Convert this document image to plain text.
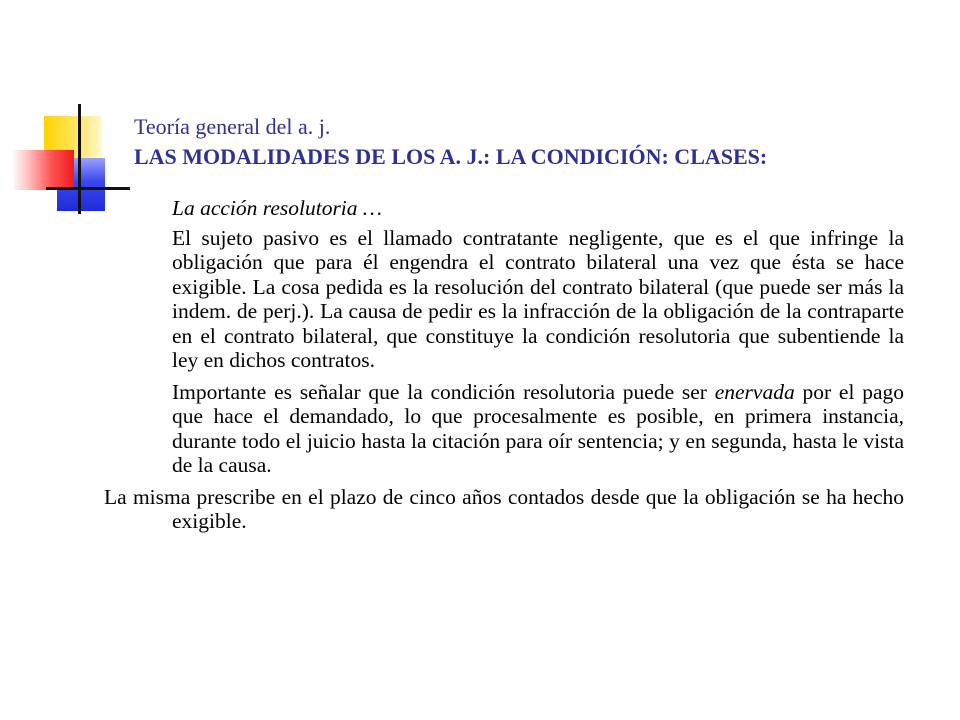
Teoría general del a. j.
LAS MODALIDADES DE LOS A. J.: LA CONDICIÓN: CLASES:

La acción resolutoria …

El sujeto pasivo es el llamado contratante negligente, que es el que infringe la obligación que para él engendra el contrato bilateral una vez que ésta se hace exigible. La cosa pedida es la resolución del contrato bilateral (que puede ser más la indem. de perj.). La causa de pedir es la infracción de la obligación de la contraparte en el contrato bilateral, que constituye la condición resolutoria que subentiende la ley en dichos contratos.

Importante es señalar que la condición resolutoria puede ser enervada por el pago que hace el demandado, lo que procesalmente es posible, en primera instancia, durante todo el juicio hasta la citación para oír sentencia; y en segunda, hasta le vista de la causa.

La misma prescribe en el plazo de cinco años contados desde que la obligación se ha hecho exigible.
